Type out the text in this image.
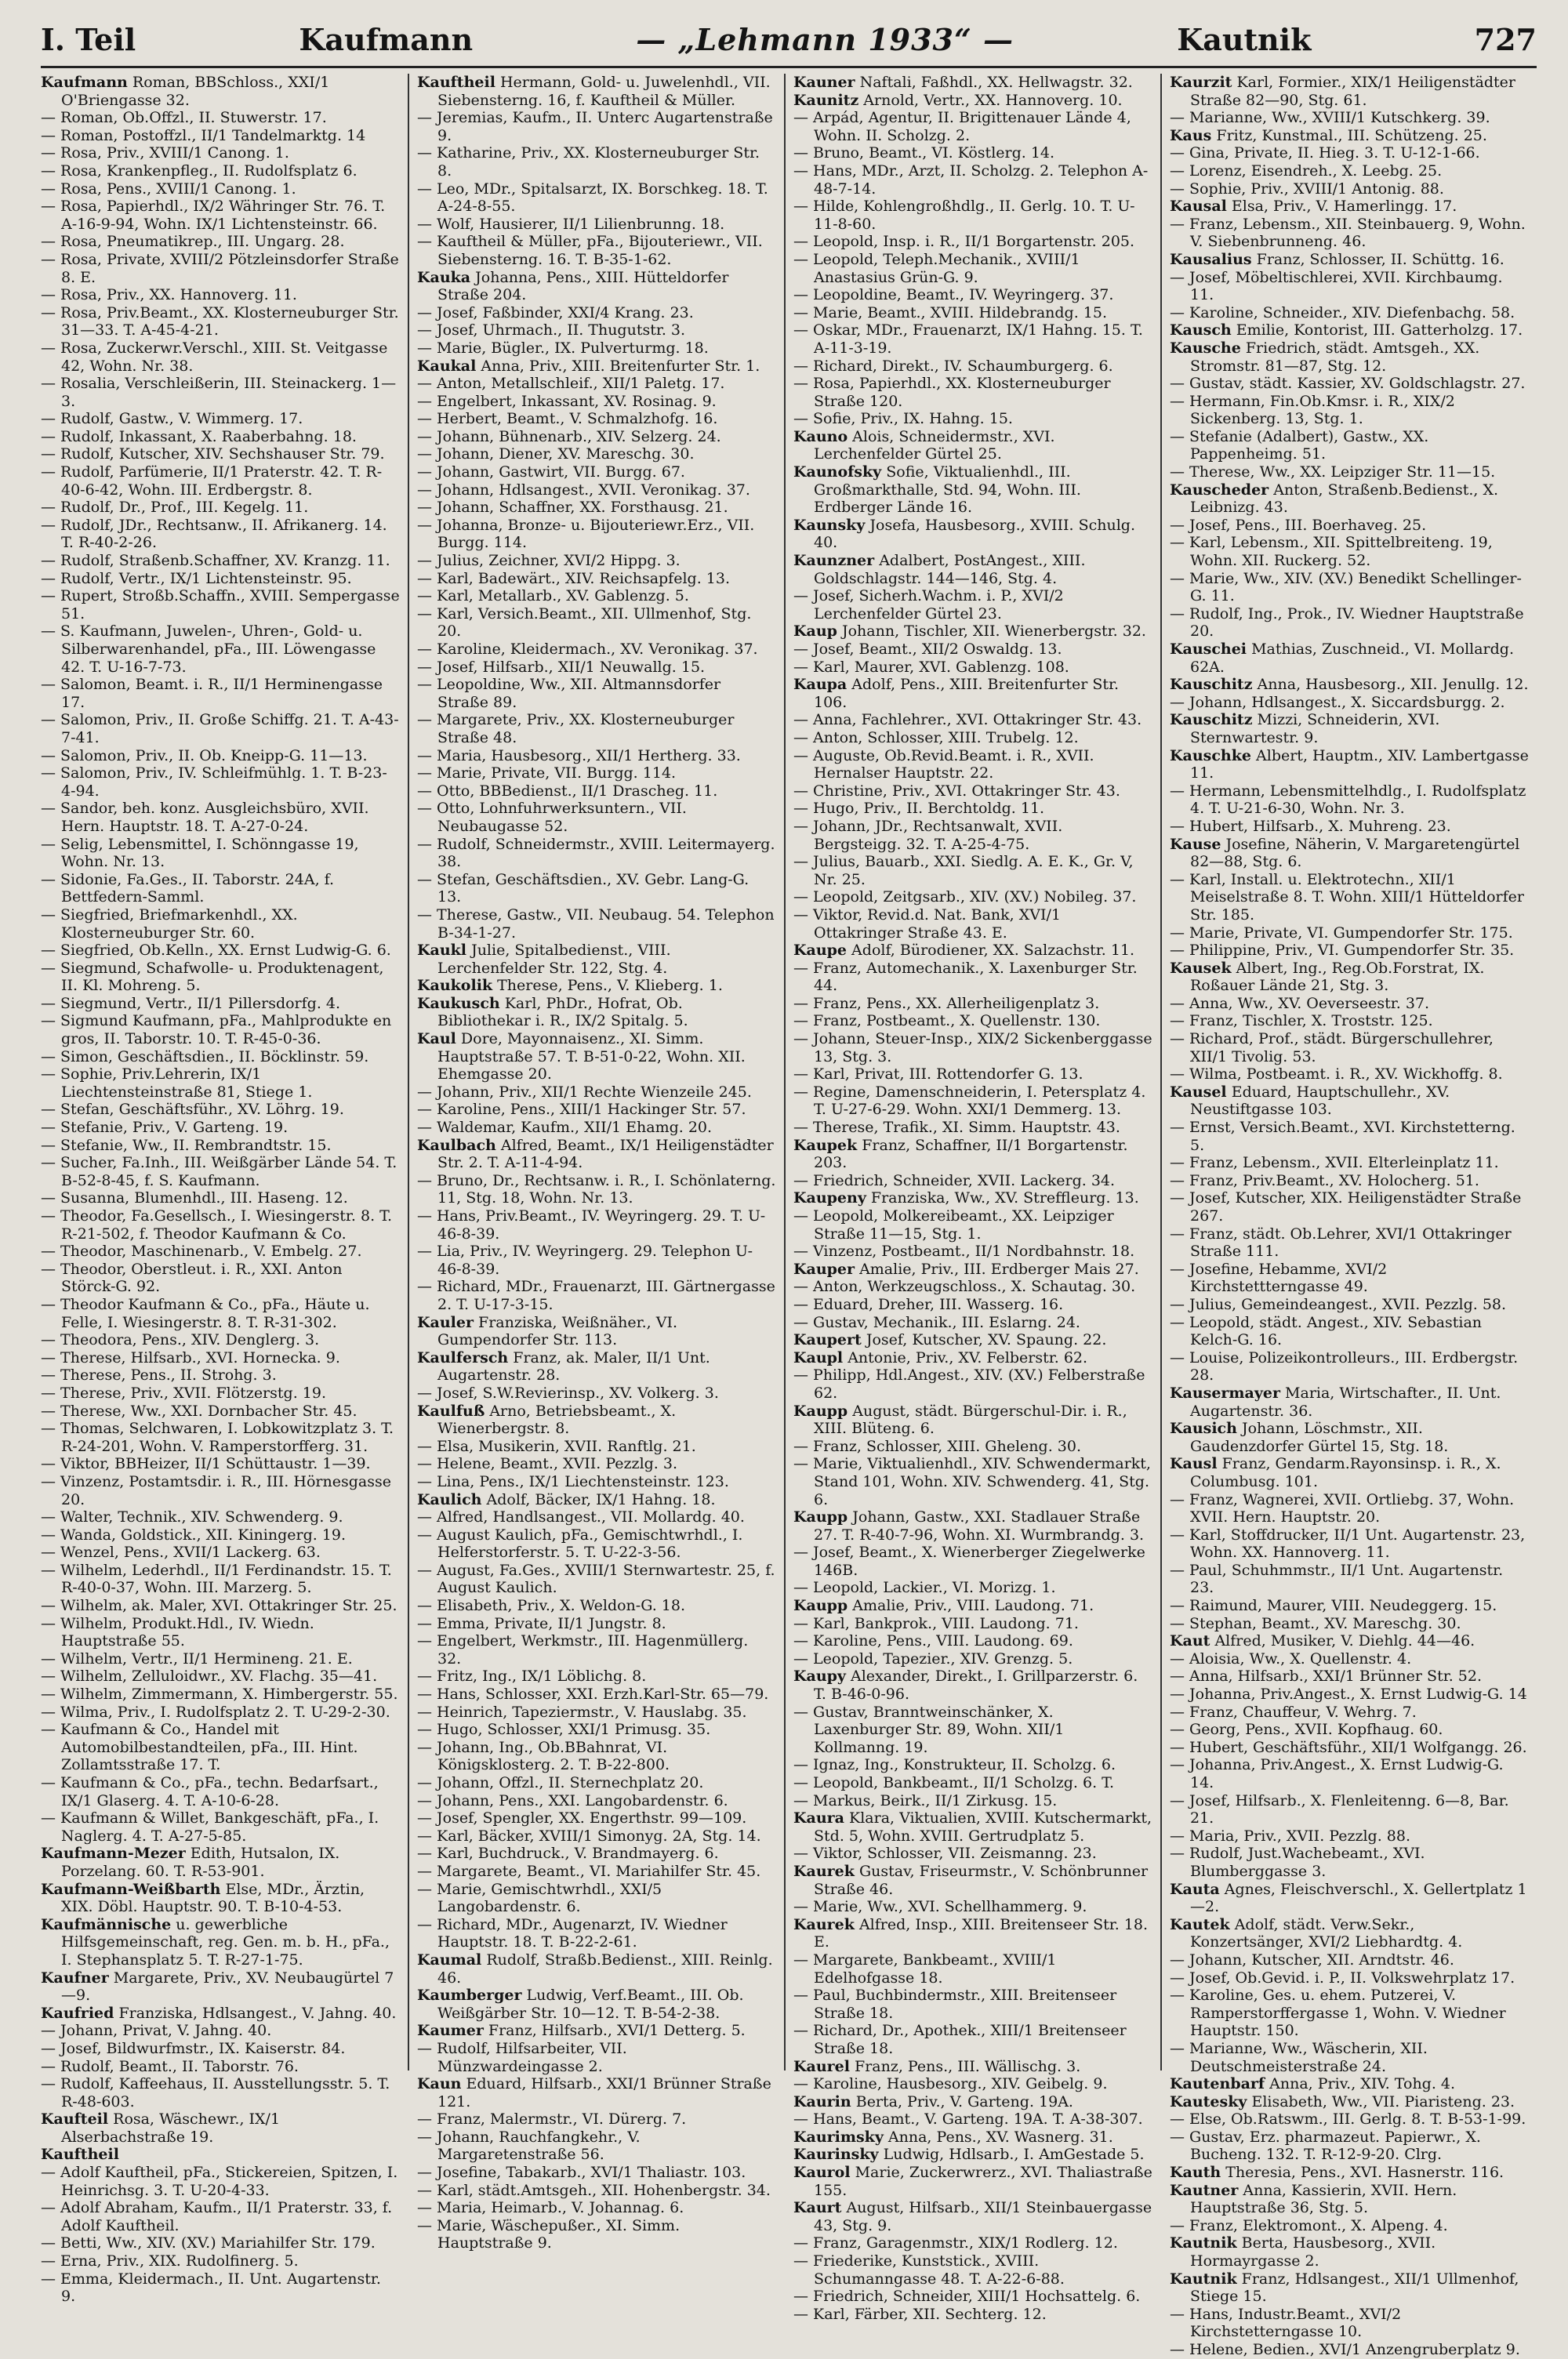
I. Teil	Kaufmann	— „Lehmann 1933“ —	Kautnik	727

Kaufmann Roman, BBSchloss., XXI/1 O'Briengasse 32.

— Roman, Ob.Offzl., II. Stuwerstr. 17.

— Roman, Postoffzl., II/1 Tandelmarktg. 14

— Rosa, Priv., XVIII/1 Canong. 1.

— Rosa, Krankenpfleg., II. Rudolfsplatz 6.

— Rosa, Pens., XVIII/1 Canong. 1.

— Rosa, Papierhdl., IX/2 Währinger Str. 76. T. A-16-9-94, Wohn. IX/1 Lichtensteinstr. 66.

— Rosa, Pneumatikrep., III. Ungarg. 28.

— Rosa, Private, XVIII/2 Pötzleinsdorfer Straße 8. E.

— Rosa, Priv., XX. Hannoverg. 11.

— Rosa, Priv.Beamt., XX. Klosterneuburger Str. 31—33. T. A-45-4-21.

— Rosa, Zuckerwr.Verschl., XIII. St. Veitgasse 42, Wohn. Nr. 38.

— Rosalia, Verschleißerin, III. Steinackerg. 1—3.

— Rudolf, Gastw., V. Wimmerg. 17.

— Rudolf, Inkassant, X. Raaberbahng. 18.

— Rudolf, Kutscher, XIV. Sechshauser Str. 79.

— Rudolf, Parfümerie, II/1 Praterstr. 42. T. R-40-6-42, Wohn. III. Erdbergstr. 8.

— Rudolf, Dr., Prof., III. Kegelg. 11.

— Rudolf, JDr., Rechtsanw., II. Afrikanerg. 14. T. R-40-2-26.

— Rudolf, Straßenb.Schaffner, XV. Kranzg. 11.

— Rudolf, Vertr., IX/1 Lichtensteinstr. 95.

— Rupert, Stroßb.Schaffn., XVIII. Sempergasse 51.

— S. Kaufmann, Juwelen-, Uhren-, Gold- u. Silberwarenhandel, pFa., III. Löwengasse 42. T. U-16-7-73.

— Salomon, Beamt. i. R., II/1 Herminengasse 17.

— Salomon, Priv., II. Große Schiffg. 21. T. A-43-7-41.

— Salomon, Priv., II. Ob. Kneipp-G. 11—13.

— Salomon, Priv., IV. Schleifmühlg. 1. T. B-23-4-94.

— Sandor, beh. konz. Ausgleichsbüro, XVII. Hern. Hauptstr. 18. T. A-27-0-24.

— Selig, Lebensmittel, I. Schönngasse 19, Wohn. Nr. 13.

— Sidonie, Fa.Ges., II. Taborstr. 24A, f. Bettfedern-Samml.

— Siegfried, Briefmarkenhdl., XX. Klosterneuburger Str. 60.

— Siegfried, Ob.Kelln., XX. Ernst Ludwig-G. 6.

— Siegmund, Schafwolle- u. Produktenagent, II. Kl. Mohreng. 5.

— Siegmund, Vertr., II/1 Pillersdorfg. 4.

— Sigmund Kaufmann, pFa., Mahlprodukte en gros, II. Taborstr. 10. T. R-45-0-36.

— Simon, Geschäftsdien., II. Böcklinstr. 59.

— Sophie, Priv.Lehrerin, IX/1 Liechtensteinstraße 81, Stiege 1.

— Stefan, Geschäftsführ., XV. Löhrg. 19.

— Stefanie, Priv., V. Garteng. 19.

— Stefanie, Ww., II. Rembrandtstr. 15.

— Sucher, Fa.Inh., III. Weißgärber Lände 54. T. B-52-8-45, f. S. Kaufmann.

— Susanna, Blumenhdl., III. Haseng. 12.

— Theodor, Fa.Gesellsch., I. Wiesingerstr. 8. T. R-21-502, f. Theodor Kaufmann & Co.

— Theodor, Maschinenarb., V. Embelg. 27.

— Theodor, Oberstleut. i. R., XXI. Anton Störck-G. 92.

— Theodor Kaufmann & Co., pFa., Häute u. Felle, I. Wiesingerstr. 8. T. R-31-302.

— Theodora, Pens., XIV. Denglerg. 3.

— Therese, Hilfsarb., XVI. Hornecka. 9.

— Therese, Pens., II. Strohg. 3.

— Therese, Priv., XVII. Flötzerstg. 19.

— Therese, Ww., XXI. Dornbacher Str. 45.

— Thomas, Selchwaren, I. Lobkowitzplatz 3. T. R-24-201, Wohn. V. Ramperstorfferg. 31.

— Viktor, BBHeizer, II/1 Schüttaustr. 1—39.

— Vinzenz, Postamtsdir. i. R., III. Hörnesgasse 20.

— Walter, Technik., XIV. Schwenderg. 9.

— Wanda, Goldstick., XII. Kiningerg. 19.

— Wenzel, Pens., XVII/1 Lackerg. 63.

— Wilhelm, Lederhdl., II/1 Ferdinandstr. 15. T. R-40-0-37, Wohn. III. Marzerg. 5.

— Wilhelm, ak. Maler, XVI. Ottakringer Str. 25.

— Wilhelm, Produkt.Hdl., IV. Wiedn. Hauptstraße 55.

— Wilhelm, Vertr., II/1 Hermineng. 21. E.

— Wilhelm, Zelluloidwr., XV. Flachg. 35—41.

— Wilhelm, Zimmermann, X. Himbergerstr. 55.

— Wilma, Priv., I. Rudolfsplatz 2. T. U-29-2-30.

— Kaufmann & Co., Handel mit Automobilbestandteilen, pFa., III. Hint. Zollamtsstraße 17. T.

— Kaufmann & Co., pFa., techn. Bedarfsart., IX/1 Glaserg. 4. T. A-10-6-28.

— Kaufmann & Willet, Bankgeschäft, pFa., I. Naglerg. 4. T. A-27-5-85.

Kaufmann-Mezer Edith, Hutsalon, IX. Porzelang. 60. T. R-53-901.

Kaufmann-Weißbarth Else, MDr., Ärztin, XIX. Döbl. Hauptstr. 90. T. B-10-4-53.

Kaufmännische u. gewerbliche Hilfsgemeinschaft, reg. Gen. m. b. H., pFa., I. Stephansplatz 5. T. R-27-1-75.

Kaufner Margarete, Priv., XV. Neubaugürtel 7—9.

Kaufried Franziska, Hdlsangest., V. Jahng. 40.

— Johann, Privat, V. Jahng. 40.

— Josef, Bildwurfmstr., IX. Kaiserstr. 84.

— Rudolf, Beamt., II. Taborstr. 76.

— Rudolf, Kaffeehaus, II. Ausstellungsstr. 5. T. R-48-603.

Kaufteil Rosa, Wäschewr., IX/1 Alserbachstraße 19.

Kauftheil

— Adolf Kauftheil, pFa., Stickereien, Spitzen, I. Heinrichsg. 3. T. U-20-4-33.

— Adolf Abraham, Kaufm., II/1 Praterstr. 33, f. Adolf Kauftheil.

— Betti, Ww., XIV. (XV.) Mariahilfer Str. 179.

— Erna, Priv., XIX. Rudolfinerg. 5.

— Emma, Kleidermach., II. Unt. Augartenstr. 9.

Kauftheil Hermann, Gold- u. Juwelenhdl., VII. Siebensterng. 16, f. Kauftheil & Müller.

— Jeremias, Kaufm., II. Unterc Augartenstraße 9.

— Katharine, Priv., XX. Klosterneuburger Str. 8.

— Leo, MDr., Spitalsarzt, IX. Borschkeg. 18. T. A-24-8-55.

— Wolf, Hausierer, II/1 Lilienbrunng. 18.

— Kauftheil & Müller, pFa., Bijouteriewr., VII. Siebensterng. 16. T. B-35-1-62.

Kauka Johanna, Pens., XIII. Hütteldorfer Straße 204.

— Josef, Faßbinder, XXI/4 Krang. 23.

— Josef, Uhrmach., II. Thugutstr. 3.

— Marie, Bügler., IX. Pulverturmg. 18.

Kaukal Anna, Priv., XIII. Breitenfurter Str. 1.

— Anton, Metallschleif., XII/1 Paletg. 17.

— Engelbert, Inkassant, XV. Rosinag. 9.

— Herbert, Beamt., V. Schmalzhofg. 16.

— Johann, Bühnenarb., XIV. Selzerg. 24.

— Johann, Diener, XV. Mareschg. 30.

— Johann, Gastwirt, VII. Burgg. 67.

— Johann, Hdlsangest., XVII. Veronikag. 37.

— Johann, Schaffner, XX. Forsthausg. 21.

— Johanna, Bronze- u. Bijouteriewr.Erz., VII. Burgg. 114.

— Julius, Zeichner, XVI/2 Hippg. 3.

— Karl, Badewärt., XIV. Reichsapfelg. 13.

— Karl, Metallarb., XV. Gablenzg. 5.

— Karl, Versich.Beamt., XII. Ullmenhof, Stg. 20.

— Karoline, Kleidermach., XV. Veronikag. 37.

— Josef, Hilfsarb., XII/1 Neuwallg. 15.

— Leopoldine, Ww., XII. Altmannsdorfer Straße 89.

— Margarete, Priv., XX. Klosterneuburger Straße 48.

— Maria, Hausbesorg., XII/1 Hertherg. 33.

— Marie, Private, VII. Burgg. 114.

— Otto, BBBedienst., II/1 Drascheg. 11.

— Otto, Lohnfuhrwerksuntern., VII. Neubaugasse 52.

— Rudolf, Schneidermstr., XVIII. Leitermayerg. 38.

— Stefan, Geschäftsdien., XV. Gebr. Lang-G. 13.

— Therese, Gastw., VII. Neubaug. 54. Telephon B-34-1-27.

Kaukl Julie, Spitalbedienst., VIII. Lerchenfelder Str. 122, Stg. 4.

Kaukolik Therese, Pens., V. Klieberg. 1.

Kaukusch Karl, PhDr., Hofrat, Ob. Bibliothekar i. R., IX/2 Spitalg. 5.

Kaul Dore, Mayonnaisenz., XI. Simm. Hauptstraße 57. T. B-51-0-22, Wohn. XII. Ehemgasse 20.

— Johann, Priv., XII/1 Rechte Wienzeile 245.

— Karoline, Pens., XIII/1 Hackinger Str. 57.

— Waldemar, Kaufm., XII/1 Ehamg. 20.

Kaulbach Alfred, Beamt., IX/1 Heiligenstädter Str. 2. T. A-11-4-94.

— Bruno, Dr., Rechtsanw. i. R., I. Schönlaterng. 11, Stg. 18, Wohn. Nr. 13.

— Hans, Priv.Beamt., IV. Weyringerg. 29. T. U-46-8-39.

— Lia, Priv., IV. Weyringerg. 29. Telephon U-46-8-39.

— Richard, MDr., Frauenarzt, III. Gärtnergasse 2. T. U-17-3-15.

Kauler Franziska, Weißnäher., VI. Gumpendorfer Str. 113.

Kaulfersch Franz, ak. Maler, II/1 Unt. Augartenstr. 28.

— Josef, S.W.Revierinsp., XV. Volkerg. 3.

Kaulfuß Arno, Betriebsbeamt., X. Wienerbergstr. 8.

— Elsa, Musikerin, XVII. Ranftlg. 21.

— Helene, Beamt., XVII. Pezzlg. 3.

— Lina, Pens., IX/1 Liechtensteinstr. 123.

Kaulich Adolf, Bäcker, IX/1 Hahng. 18.

— Alfred, Handlsangest., VII. Mollardg. 40.

— August Kaulich, pFa., Gemischtwrhdl., I. Helferstorferstr. 5. T. U-22-3-56.

— August, Fa.Ges., XVIII/1 Sternwartestr. 25, f. August Kaulich.

— Elisabeth, Priv., X. Weldon-G. 18.

— Emma, Private, II/1 Jungstr. 8.

— Engelbert, Werkmstr., III. Hagenmüllerg. 32.

— Fritz, Ing., IX/1 Löblichg. 8.

— Hans, Schlosser, XXI. Erzh.Karl-Str. 65—79.

— Heinrich, Tapeziermstr., V. Hauslabg. 35.

— Hugo, Schlosser, XXI/1 Primusg. 35.

— Johann, Ing., Ob.BBahnrat, VI. Königsklosterg. 2. T. B-22-800.

— Johann, Offzl., II. Sternechplatz 20.

— Johann, Pens., XXI. Langobardenstr. 6.

— Josef, Spengler, XX. Engerthstr. 99—109.

— Karl, Bäcker, XVIII/1 Simonyg. 2A, Stg. 14.

— Karl, Buchdruck., V. Brandmayerg. 6.

— Margarete, Beamt., VI. Mariahilfer Str. 45.

— Marie, Gemischtwrhdl., XXI/5 Langobardenstr. 6.

— Richard, MDr., Augenarzt, IV. Wiedner Hauptstr. 18. T. B-22-2-61.

Kaumal Rudolf, Straßb.Bedienst., XIII. Reinlg. 46.

Kaumberger Ludwig, Verf.Beamt., III. Ob. Weißgärber Str. 10—12. T. B-54-2-38.

Kaumer Franz, Hilfsarb., XVI/1 Detterg. 5.

— Rudolf, Hilfsarbeiter, VII. Münzwardeingasse 2.

Kaun Eduard, Hilfsarb., XXI/1 Brünner Straße 121.

— Franz, Malermstr., VI. Dürerg. 7.

— Johann, Rauchfangkehr., V. Margaretenstraße 56.

— Josefine, Tabakarb., XVI/1 Thaliastr. 103.

— Karl, städt.Amtsgeh., XII. Hohenbergstr. 34.

— Maria, Heimarb., V. Johannag. 6.

— Marie, Wäschepußer., XI. Simm. Hauptstraße 9.

Kauner Naftali, Faßhdl., XX. Hellwagstr. 32.

Kaunitz Arnold, Vertr., XX. Hannoverg. 10.

— Arpád, Agentur, II. Brigittenauer Lände 4, Wohn. II. Scholzg. 2.

— Bruno, Beamt., VI. Köstlerg. 14.

— Hans, MDr., Arzt, II. Scholzg. 2. Telephon A-48-7-14.

— Hilde, Kohlengroßhdlg., II. Gerlg. 10. T. U-11-8-60.

— Leopold, Insp. i. R., II/1 Borgartenstr. 205.

— Leopold, Teleph.Mechanik., XVIII/1 Anastasius Grün-G. 9.

— Leopoldine, Beamt., IV. Weyringerg. 37.

— Marie, Beamt., XVIII. Hildebrandg. 15.

— Oskar, MDr., Frauenarzt, IX/1 Hahng. 15. T. A-11-3-19.

— Richard, Direkt., IV. Schaumburgerg. 6.

— Rosa, Papierhdl., XX. Klosterneuburger Straße 120.

— Sofie, Priv., IX. Hahng. 15.

Kauno Alois, Schneidermstr., XVI. Lerchenfelder Gürtel 25.

Kaunofsky Sofie, Viktualienhdl., III. Großmarkthalle, Std. 94, Wohn. III. Erdberger Lände 16.

Kaunsky Josefa, Hausbesorg., XVIII. Schulg. 40.

Kaunzner Adalbert, PostAngest., XIII. Goldschlagstr. 144—146, Stg. 4.

— Josef, Sicherh.Wachm. i. P., XVI/2 Lerchenfelder Gürtel 23.

Kaup Johann, Tischler, XII. Wienerbergstr. 32.

— Josef, Beamt., XII/2 Oswaldg. 13.

— Karl, Maurer, XVI. Gablenzg. 108.

Kaupa Adolf, Pens., XIII. Breitenfurter Str. 106.

— Anna, Fachlehrer., XVI. Ottakringer Str. 43.

— Anton, Schlosser, XIII. Trubelg. 12.

— Auguste, Ob.Revid.Beamt. i. R., XVII. Hernalser Hauptstr. 22.

— Christine, Priv., XVI. Ottakringer Str. 43.

— Hugo, Priv., II. Berchtoldg. 11.

— Johann, JDr., Rechtsanwalt, XVII. Bergsteigg. 32. T. A-25-4-75.

— Julius, Bauarb., XXI. Siedlg. A. E. K., Gr. V, Nr. 25.

— Leopold, Zeitgsarb., XIV. (XV.) Nobileg. 37.

— Viktor, Revid.d. Nat. Bank, XVI/1 Ottakringer Straße 43. E.

Kaupe Adolf, Bürodiener, XX. Salzachstr. 11.

— Franz, Automechanik., X. Laxenburger Str. 44.

— Franz, Pens., XX. Allerheiligenplatz 3.

— Franz, Postbeamt., X. Quellenstr. 130.

— Johann, Steuer-Insp., XIX/2 Sickenberggasse 13, Stg. 3.

— Karl, Privat, III. Rottendorfer G. 13.

— Regine, Damenschneiderin, I. Petersplatz 4. T. U-27-6-29. Wohn. XXI/1 Demmerg. 13.

— Therese, Trafik., XI. Simm. Hauptstr. 43.

Kaupek Franz, Schaffner, II/1 Borgartenstr. 203.

— Friedrich, Schneider, XVII. Lackerg. 34.

Kaupeny Franziska, Ww., XV. Streffleurg. 13.

— Leopold, Molkereibeamt., XX. Leipziger Straße 11—15, Stg. 1.

— Vinzenz, Postbeamt., II/1 Nordbahnstr. 18.

Kauper Amalie, Priv., III. Erdberger Mais 27.

— Anton, Werkzeugschloss., X. Schautag. 30.

— Eduard, Dreher, III. Wasserg. 16.

— Gustav, Mechanik., III. Eslarng. 24.

Kaupert Josef, Kutscher, XV. Spaung. 22.

Kaupl Antonie, Priv., XV. Felberstr. 62.

— Philipp, Hdl.Angest., XIV. (XV.) Felberstraße 62.

Kaupp August, städt. Bürgerschul-Dir. i. R., XIII. Blüteng. 6.

— Franz, Schlosser, XIII. Gheleng. 30.

— Marie, Viktualienhdl., XIV. Schwendermarkt, Stand 101, Wohn. XIV. Schwenderg. 41, Stg. 6.

Kaupp Johann, Gastw., XXI. Stadlauer Straße 27. T. R-40-7-96, Wohn. XI. Wurmbrandg. 3.

— Josef, Beamt., X. Wienerberger Ziegelwerke 146B.

— Leopold, Lackier., VI. Morizg. 1.

Kaupp Amalie, Priv., VIII. Laudong. 71.

— Karl, Bankprok., VIII. Laudong. 71.

— Karoline, Pens., VIII. Laudong. 69.

— Leopold, Tapezier., XIV. Grenzg. 5.

Kaupy Alexander, Direkt., I. Grillparzerstr. 6. T. B-46-0-96.

— Gustav, Branntweinschänker, X. Laxenburger Str. 89, Wohn. XII/1 Kollmanng. 19.

— Ignaz, Ing., Konstrukteur, II. Scholzg. 6.

— Leopold, Bankbeamt., II/1 Scholzg. 6. T.

— Markus, Beirk., II/1 Zirkusg. 15.

Kaura Klara, Viktualien, XVIII. Kutschermarkt, Std. 5, Wohn. XVIII. Gertrudplatz 5.

— Viktor, Schlosser, VII. Zeismanng. 23.

Kaurek Gustav, Friseurmstr., V. Schönbrunner Straße 46.

— Marie, Ww., XVI. Schellhammerg. 9.

Kaurek Alfred, Insp., XIII. Breitenseer Str. 18. E.

— Margarete, Bankbeamt., XVIII/1 Edelhofgasse 18.

— Paul, Buchbindermstr., XIII. Breitenseer Straße 18.

— Richard, Dr., Apothek., XIII/1 Breitenseer Straße 18.

Kaurel Franz, Pens., III. Wällischg. 3.

— Karoline, Hausbesorg., XIV. Geibelg. 9.

Kaurin Berta, Priv., V. Garteng. 19A.

— Hans, Beamt., V. Garteng. 19A. T. A-38-307.

Kaurimsky Anna, Pens., XV. Wasnerg. 31.

Kaurinsky Ludwig, Hdlsarb., I. AmGestade 5.

Kaurol Marie, Zuckerwrerz., XVI. Thaliastraße 155.

Kaurt August, Hilfsarb., XII/1 Steinbauergasse 43, Stg. 9.

— Franz, Garagenmstr., XIX/1 Rodlerg. 12.

— Friederike, Kunststick., XVIII. Schumanngasse 48. T. A-22-6-88.

— Friedrich, Schneider, XIII/1 Hochsattelg. 6.

— Karl, Färber, XII. Sechterg. 12.

Kaurzit Karl, Formier., XIX/1 Heiligenstädter Straße 82—90, Stg. 61.

— Marianne, Ww., XVIII/1 Kutschkerg. 39.

Kaus Fritz, Kunstmal., III. Schützeng. 25.

— Gina, Private, II. Hieg. 3. T. U-12-1-66.

— Lorenz, Eisendreh., X. Leebg. 25.

— Sophie, Priv., XVIII/1 Antonig. 88.

Kausal Elsa, Priv., V. Hamerlingg. 17.

— Franz, Lebensm., XII. Steinbauerg. 9, Wohn. V. Siebenbrunneng. 46.

Kausalius Franz, Schlosser, II. Schüttg. 16.

— Josef, Möbeltischlerei, XVII. Kirchbaumg. 11.

— Karoline, Schneider., XIV. Diefenbachg. 58.

Kausch Emilie, Kontorist, III. Gatterholzg. 17.

Kausche Friedrich, städt. Amtsgeh., XX. Stromstr. 81—87, Stg. 12.

— Gustav, städt. Kassier, XV. Goldschlagstr. 27.

— Hermann, Fin.Ob.Kmsr. i. R., XIX/2 Sickenberg. 13, Stg. 1.

— Stefanie (Adalbert), Gastw., XX. Pappenheimg. 51.

— Therese, Ww., XX. Leipziger Str. 11—15.

Kauscheder Anton, Straßenb.Bedienst., X. Leibnizg. 43.

— Josef, Pens., III. Boerhaveg. 25.

— Karl, Lebensm., XII. Spittelbreiteng. 19, Wohn. XII. Ruckerg. 52.

— Marie, Ww., XIV. (XV.) Benedikt Schellinger-G. 11.

— Rudolf, Ing., Prok., IV. Wiedner Hauptstraße 20.

Kauschei Mathias, Zuschneid., VI. Mollardg. 62A.

Kauschitz Anna, Hausbesorg., XII. Jenullg. 12.

— Johann, Hdlsangest., X. Siccardsburgg. 2.

Kauschitz Mizzi, Schneiderin, XVI. Sternwartestr. 9.

Kauschke Albert, Hauptm., XIV. Lambertgasse 11.

— Hermann, Lebensmittelhdlg., I. Rudolfsplatz 4. T. U-21-6-30, Wohn. Nr. 3.

— Hubert, Hilfsarb., X. Muhreng. 23.

Kause Josefine, Näherin, V. Margaretengürtel 82—88, Stg. 6.

— Karl, Install. u. Elektrotechn., XII/1 Meiselstraße 8. T. Wohn. XIII/1 Hütteldorfer Str. 185.

— Marie, Private, VI. Gumpendorfer Str. 175.

— Philippine, Priv., VI. Gumpendorfer Str. 35.

Kausek Albert, Ing., Reg.Ob.Forstrat, IX. Roßauer Lände 21, Stg. 3.

— Anna, Ww., XV. Oeverseestr. 37.

— Franz, Tischler, X. Troststr. 125.

— Richard, Prof., städt. Bürgerschullehrer, XII/1 Tivolig. 53.

— Wilma, Postbeamt. i. R., XV. Wickhoffg. 8.

Kausel Eduard, Hauptschullehr., XV. Neustiftgasse 103.

— Ernst, Versich.Beamt., XVI. Kirchstetterng. 5.

— Franz, Lebensm., XVII. Elterleinplatz 11.

— Franz, Priv.Beamt., XV. Holocherg. 51.

— Josef, Kutscher, XIX. Heiligenstädter Straße 267.

— Franz, städt. Ob.Lehrer, XVI/1 Ottakringer Straße 111.

— Josefine, Hebamme, XVI/2 Kirchstettterngasse 49.

— Julius, Gemeindeangest., XVII. Pezzlg. 58.

— Leopold, städt. Angest., XIV. Sebastian Kelch-G. 16.

— Louise, Polizeikontrolleurs., III. Erdbergstr. 28.

Kausermayer Maria, Wirtschafter., II. Unt. Augartenstr. 36.

Kausich Johann, Löschmstr., XII. Gaudenzdorfer Gürtel 15, Stg. 18.

Kausl Franz, Gendarm.Rayonsinsp. i. R., X. Columbusg. 101.

— Franz, Wagnerei, XVII. Ortliebg. 37, Wohn. XVII. Hern. Hauptstr. 20.

— Karl, Stoffdrucker, II/1 Unt. Augartenstr. 23, Wohn. XX. Hannoverg. 11.

— Paul, Schuhmmstr., II/1 Unt. Augartenstr. 23.

— Raimund, Maurer, VIII. Neudeggerg. 15.

— Stephan, Beamt., XV. Mareschg. 30.

Kaut Alfred, Musiker, V. Diehlg. 44—46.

— Aloisia, Ww., X. Quellenstr. 4.

— Anna, Hilfsarb., XXI/1 Brünner Str. 52.

— Johanna, Priv.Angest., X. Ernst Ludwig-G. 14

— Franz, Chauffeur, V. Wehrg. 7.

— Georg, Pens., XVII. Kopfhaug. 60.

— Hubert, Geschäftsführ., XII/1 Wolfgangg. 26.

— Johanna, Priv.Angest., X. Ernst Ludwig-G. 14.

— Josef, Hilfsarb., X. Flenleitenng. 6—8, Bar. 21.

— Maria, Priv., XVII. Pezzlg. 88.

— Rudolf, Just.Wachebeamt., XVI. Blumberggasse 3.

Kauta Agnes, Fleischverschl., X. Gellertplatz 1—2.

Kautek Adolf, städt. Verw.Sekr., Konzertsänger, XVI/2 Liebhardtg. 4.

— Johann, Kutscher, XII. Arndtstr. 46.

— Josef, Ob.Gevid. i. P., II. Volkswehrplatz 17.

— Karoline, Ges. u. ehem. Putzerei, V. Ramperstorffergasse 1, Wohn. V. Wiedner Hauptstr. 150.

— Marianne, Ww., Wäscherin, XII. Deutschmeisterstraße 24.

Kautenbarf Anna, Priv., XIV. Tohg. 4.

Kautesky Elisabeth, Ww., VII. Piaristeng. 23.

— Else, Ob.Ratswm., III. Gerlg. 8. T. B-53-1-99.

— Gustav, Erz. pharmazeut. Papierwr., X. Bucheng. 132. T. R-12-9-20. Clrg.

Kauth Theresia, Pens., XVI. Hasnerstr. 116.

Kautner Anna, Kassierin, XVII. Hern. Hauptstraße 36, Stg. 5.

— Franz, Elektromont., X. Alpeng. 4.

Kautnik Berta, Hausbesorg., XVII. Hormayrgasse 2.

Kautnik Franz, Hdlsangest., XII/1 Ullmenhof, Stiege 15.

— Hans, Industr.Beamt., XVI/2 Kirchstetterngasse 10.

— Helene, Bedien., XVI/1 Anzengruberplatz 9.
